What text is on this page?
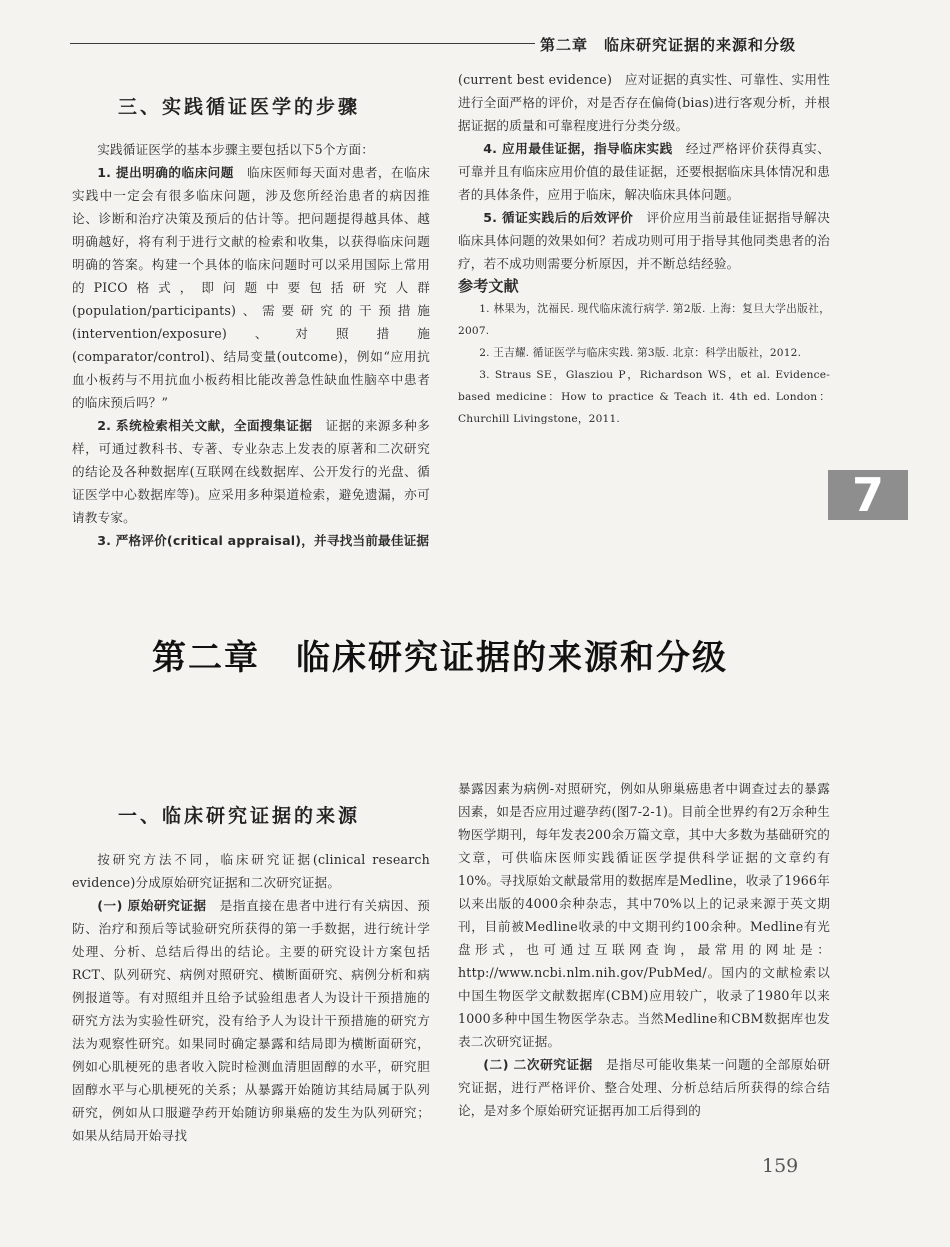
第二章　临床研究证据的来源和分级
三、实践循证医学的步骤

实践循证医学的基本步骤主要包括以下5个方面：

1. 提出明确的临床问题　 临床医师每天面对患者，在临床实践中一定会有很多临床问题，涉及您所经治患者的病因推论、诊断和治疗决策及预后的估计等。把问题提得越具体、越明确越好，将有利于进行文献的检索和收集，以获得临床问题明确的答案。构建一个具体的临床问题时可以采用国际上常用的PICO格式，即问题中要包括研究人群(population/participants)、需要研究的干预措施(intervention/exposure)、对照措施(comparator/control)、结局变量(outcome)，例如“应用抗血小板药与不用抗血小板药相比能改善急性缺血性脑卒中患者的临床预后吗？”

2. 系统检索相关文献，全面搜集证据　 证据的来源多种多样，可通过教科书、专著、专业杂志上发表的原著和二次研究的结论及各种数据库(互联网在线数据库、公开发行的光盘、循证医学中心数据库等)。应采用多种渠道检索，避免遗漏，亦可请教专家。

3. 严格评价(critical appraisal)，并寻找当前最佳证据

(current best evidence)　应对证据的真实性、可靠性、实用性进行全面严格的评价，对是否存在偏倚(bias)进行客观分析，并根据证据的质量和可靠程度进行分类分级。

4. 应用最佳证据，指导临床实践　 经过严格评价获得真实、可靠并且有临床应用价值的最佳证据，还要根据临床具体情况和患者的具体条件，应用于临床，解决临床具体问题。

5. 循证实践后的后效评价　 评价应用当前最佳证据指导解决临床具体问题的效果如何？若成功则可用于指导其他同类患者的治疗，若不成功则需要分析原因，并不断总结经验。

参考文献

1. 林果为，沈福民. 现代临床流行病学. 第2版. 上海：复旦大学出版社，2007.

2. 王吉耀. 循证医学与临床实践. 第3版. 北京：科学出版社，2012.

3. Straus SE，Glasziou P，Richardson WS，et al. Evidence-based medicine：How to practice & Teach it. 4th ed. London：Churchill Livingstone，2011.

7
第二章　临床研究证据的来源和分级
一、临床研究证据的来源

按研究方法不同，临床研究证据(clinical research evidence)分成原始研究证据和二次研究证据。

(一) 原始研究证据　 是指直接在患者中进行有关病因、预防、治疗和预后等试验研究所获得的第一手数据，进行统计学处理、分析、总结后得出的结论。主要的研究设计方案包括RCT、队列研究、病例对照研究、横断面研究、病例分析和病例报道等。有对照组并且给予试验组患者人为设计干预措施的研究方法为实验性研究，没有给予人为设计干预措施的研究方法为观察性研究。如果同时确定暴露和结局即为横断面研究，例如心肌梗死的患者收入院时检测血清胆固醇的水平，研究胆固醇水平与心肌梗死的关系；从暴露开始随访其结局属于队列研究，例如从口服避孕药开始随访卵巢癌的发生为队列研究；如果从结局开始寻找

暴露因素为病例-对照研究，例如从卵巢癌患者中调查过去的暴露因素，如是否应用过避孕药(图7-2-1)。目前全世界约有2万余种生物医学期刊，每年发表200余万篇文章，其中大多数为基础研究的文章，可供临床医师实践循证医学提供科学证据的文章约有10%。寻找原始文献最常用的数据库是Medline，收录了1966年以来出版的4000余种杂志，其中70%以上的记录来源于英文期刊，目前被Medline收录的中文期刊约100余种。Medline有光盘形式，也可通过互联网查询，最常用的网址是：http://www.ncbi.nlm.nih.gov/PubMed/。国内的文献检索以中国生物医学文献数据库(CBM)应用较广，收录了1980年以来1000多种中国生物医学杂志。当然Medline和CBM数据库也发表二次研究证据。

(二) 二次研究证据　 是指尽可能收集某一问题的全部原始研究证据，进行严格评价、整合处理、分析总结后所获得的综合结论，是对多个原始研究证据再加工后得到的

159
